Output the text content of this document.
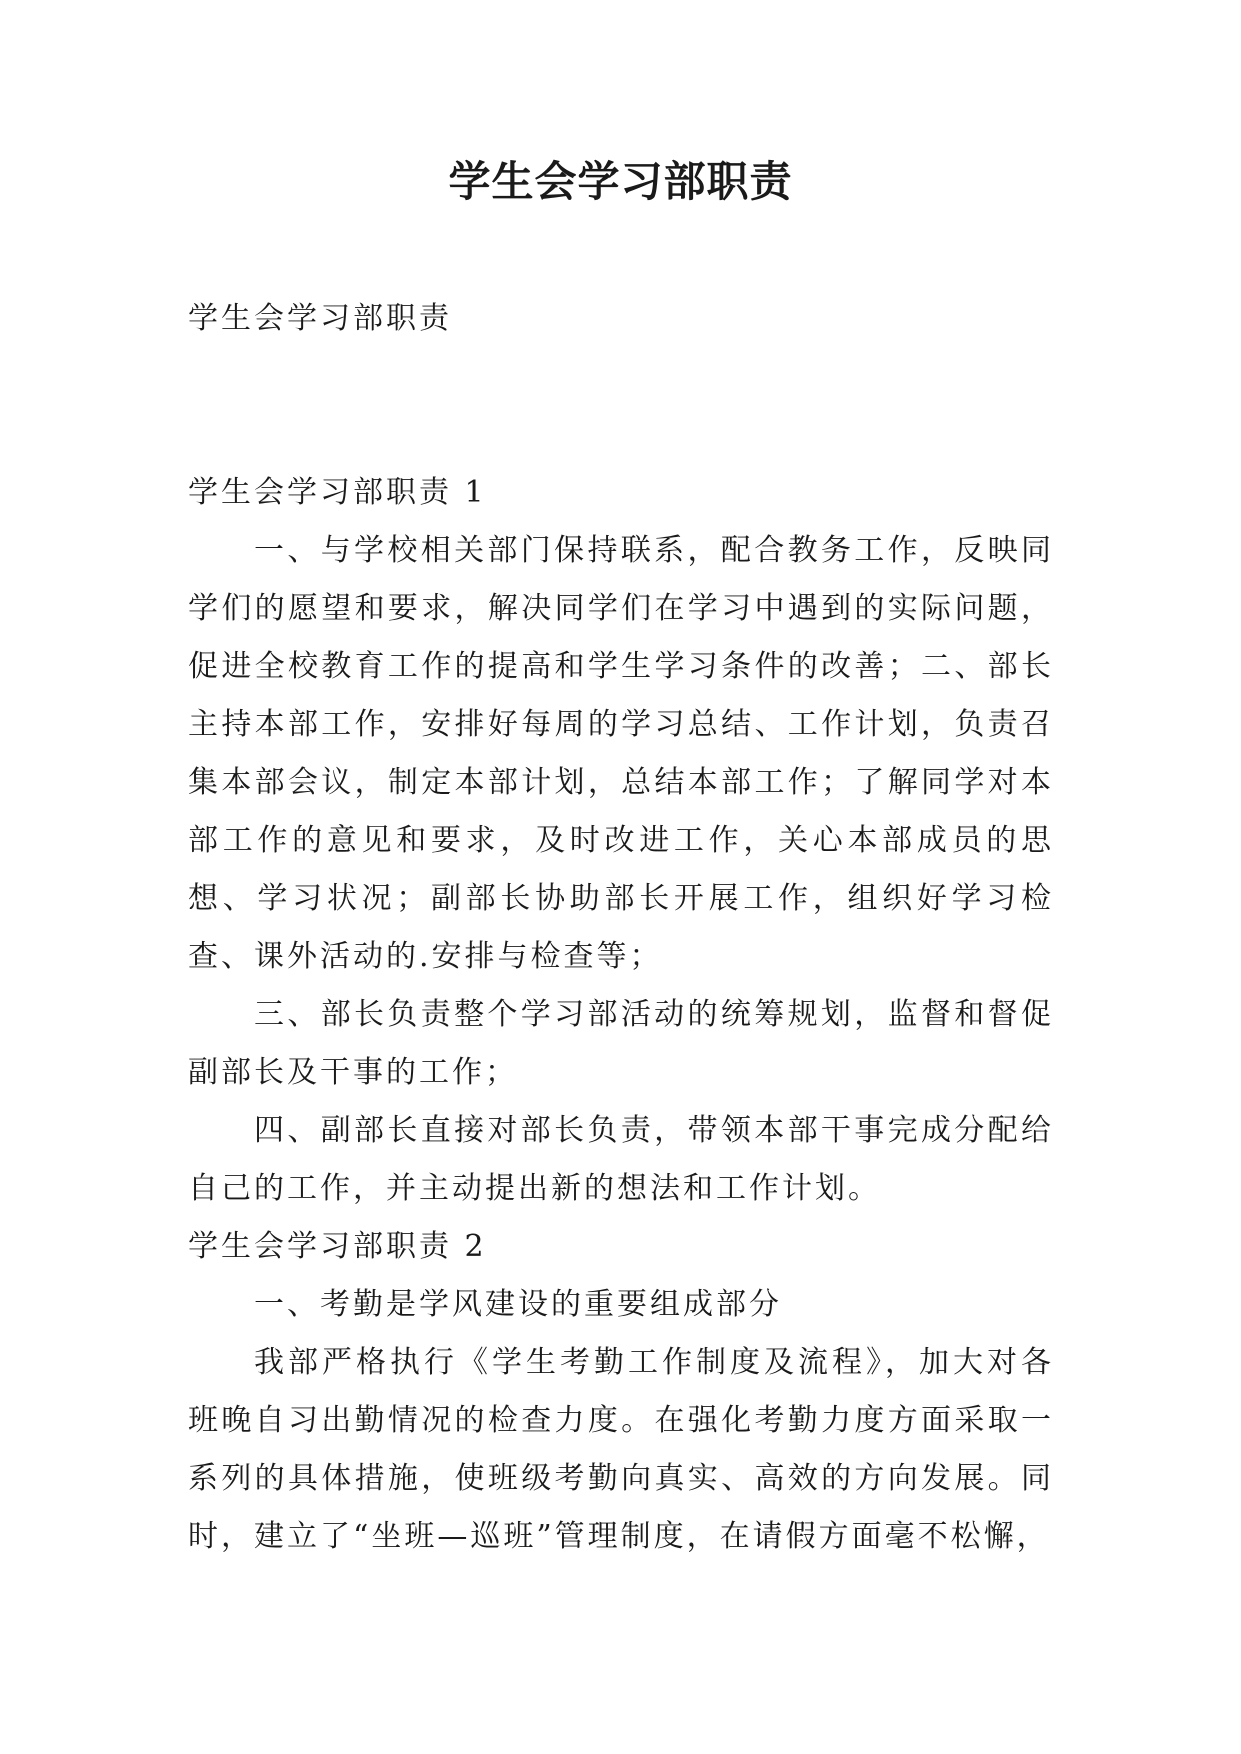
学生会学习部职责

学生会学习部职责

学生会学习部职责 1

一、与学校相关部门保持联系，配合教务工作，反映同学们的愿望和要求，解决同学们在学习中遇到的实际问题，促进全校教育工作的提高和学生学习条件的改善；二、部长主持本部工作，安排好每周的学习总结、工作计划，负责召集本部会议，制定本部计划，总结本部工作；了解同学对本部工作的意见和要求，及时改进工作，关心本部成员的思想、学习状况；副部长协助部长开展工作，组织好学习检查、课外活动的.安排与检查等；

三、部长负责整个学习部活动的统筹规划，监督和督促副部长及干事的工作；

四、副部长直接对部长负责，带领本部干事完成分配给自己的工作，并主动提出新的想法和工作计划。

学生会学习部职责 2

一、考勤是学风建设的重要组成部分

我部严格执行《学生考勤工作制度及流程》，加大对各班晚自习出勤情况的检查力度。在强化考勤力度方面采取一系列的具体措施，使班级考勤向真实、高效的方向发展。同时，建立了“坐班—巡班”管理制度，在请假方面毫不松懈，
